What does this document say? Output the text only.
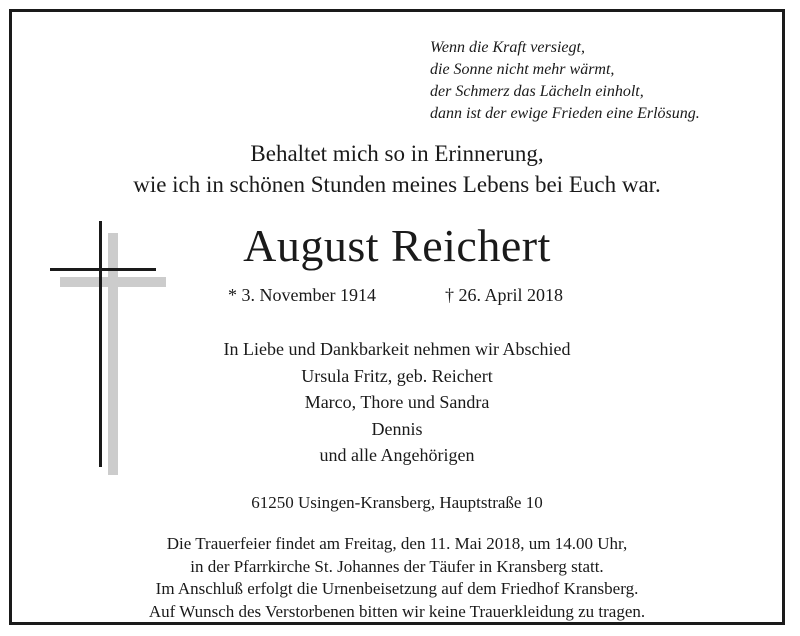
Wenn die Kraft versiegt,
die Sonne nicht mehr wärmt,
der Schmerz das Lächeln einholt,
dann ist der ewige Frieden eine Erlösung.
Behaltet mich so in Erinnerung,
wie ich in schönen Stunden meines Lebens bei Euch war.
August Reichert
* 3. November 1914	† 26. April 2018
In Liebe und Dankbarkeit nehmen wir Abschied
Ursula Fritz, geb. Reichert
Marco, Thore und Sandra
Dennis
und alle Angehörigen
61250 Usingen-Kransberg, Hauptstraße 10
Die Trauerfeier findet am Freitag, den 11. Mai 2018, um 14.00 Uhr,
in der Pfarrkirche St. Johannes der Täufer in Kransberg statt.
Im Anschluß erfolgt die Urnenbeisetzung auf dem Friedhof Kransberg.
Auf Wunsch des Verstorbenen bitten wir keine Trauerkleidung zu tragen.
